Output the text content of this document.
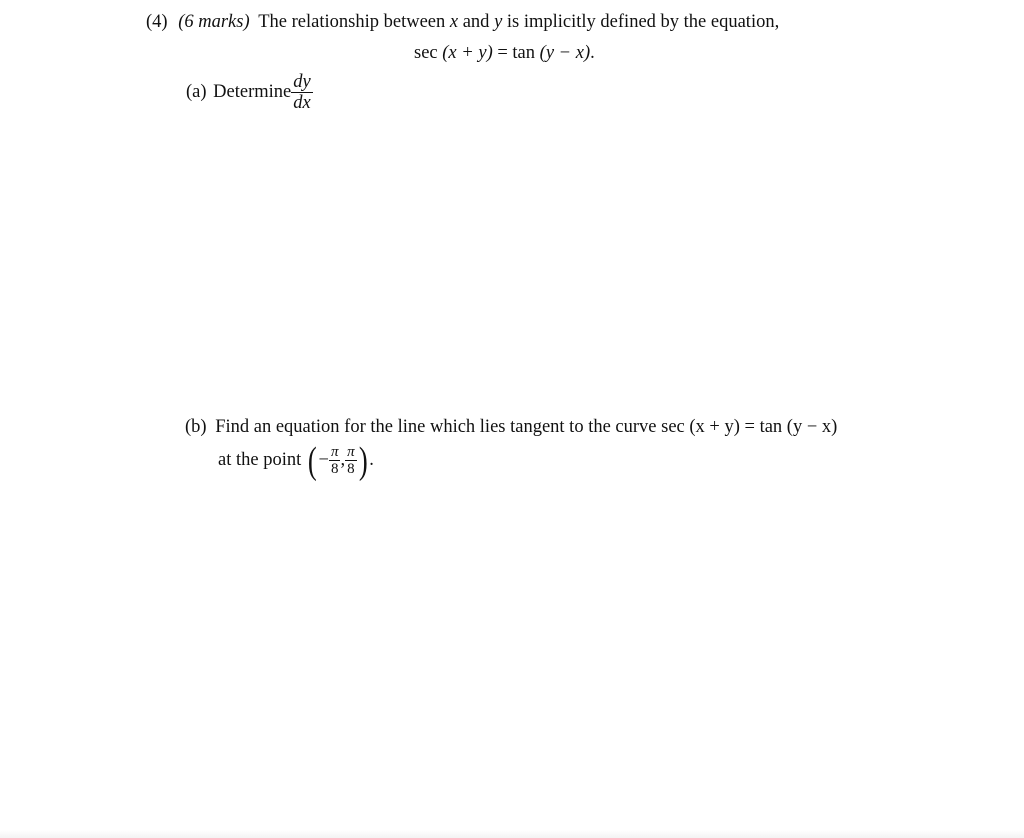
(4) (6 marks) The relationship between x and y is implicitly defined by the equation,
sec (x + y) = tan (y − x).
(a) Determine $\frac{dy}{dx}$
(b) Find an equation for the line which lies tangent to the curve sec (x + y) = tan (y − x)
at the point ( − $\frac{\pi}{8}$ , $\frac{\pi}{8}$ ) .
